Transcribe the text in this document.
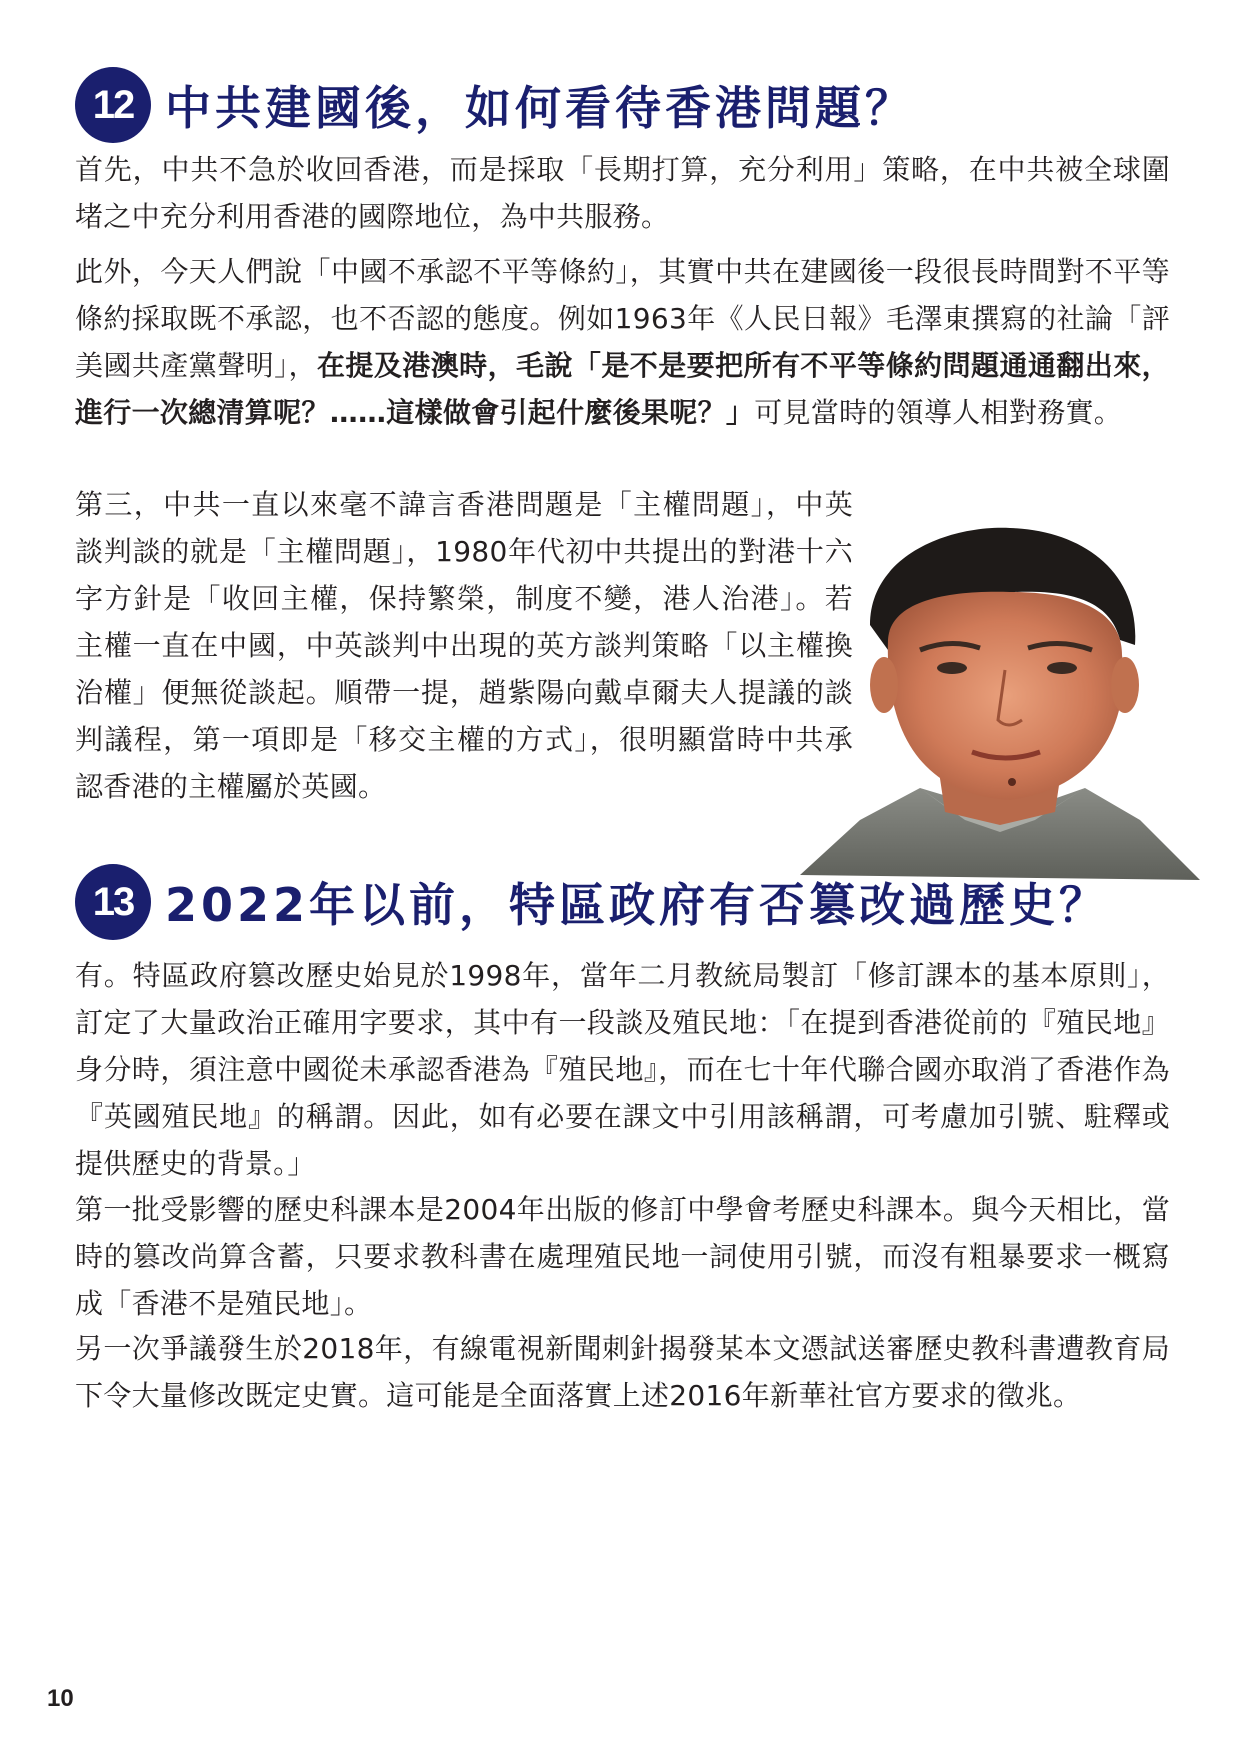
12 中共建國後，如何看待香港問題？

首先，中共不急於收回香港，而是採取「長期打算，充分利用」策略，在中共被全球圍堵之中充分利用香港的國際地位，為中共服務。

此外，今天人們說「中國不承認不平等條約」，其實中共在建國後一段很長時間對不平等條約採取既不承認，也不否認的態度。例如1963年《人民日報》毛澤東撰寫的社論「評美國共產黨聲明」，在提及港澳時，毛說「是不是要把所有不平等條約問題通通翻出來，進行一次總清算呢？……這樣做會引起什麼後果呢？」可見當時的領導人相對務實。

第三，中共一直以來毫不諱言香港問題是「主權問題」，中英談判談的就是「主權問題」，1980年代初中共提出的對港十六字方針是「收回主權，保持繁榮，制度不變，港人治港」。若主權一直在中國，中英談判中出現的英方談判策略「以主權換治權」便無從談起。順帶一提，趙紫陽向戴卓爾夫人提議的談判議程，第一項即是「移交主權的方式」，很明顯當時中共承認香港的主權屬於英國。

13 2022年以前，特區政府有否篡改過歷史？

有。特區政府篡改歷史始見於1998年，當年二月教統局製訂「修訂課本的基本原則」，訂定了大量政治正確用字要求，其中有一段談及殖民地：「在提到香港從前的『殖民地』身分時，須注意中國從未承認香港為『殖民地』，而在七十年代聯合國亦取消了香港作為『英國殖民地』的稱謂。因此，如有必要在課文中引用該稱謂，可考慮加引號、駐釋或提供歷史的背景。」

第一批受影響的歷史科課本是2004年出版的修訂中學會考歷史科課本。與今天相比，當時的篡改尚算含蓄，只要求教科書在處理殖民地一詞使用引號，而沒有粗暴要求一概寫成「香港不是殖民地」。

另一次爭議發生於2018年，有線電視新聞刺針揭發某本文憑試送審歷史教科書遭教育局下令大量修改既定史實。這可能是全面落實上述2016年新華社官方要求的徵兆。

10
